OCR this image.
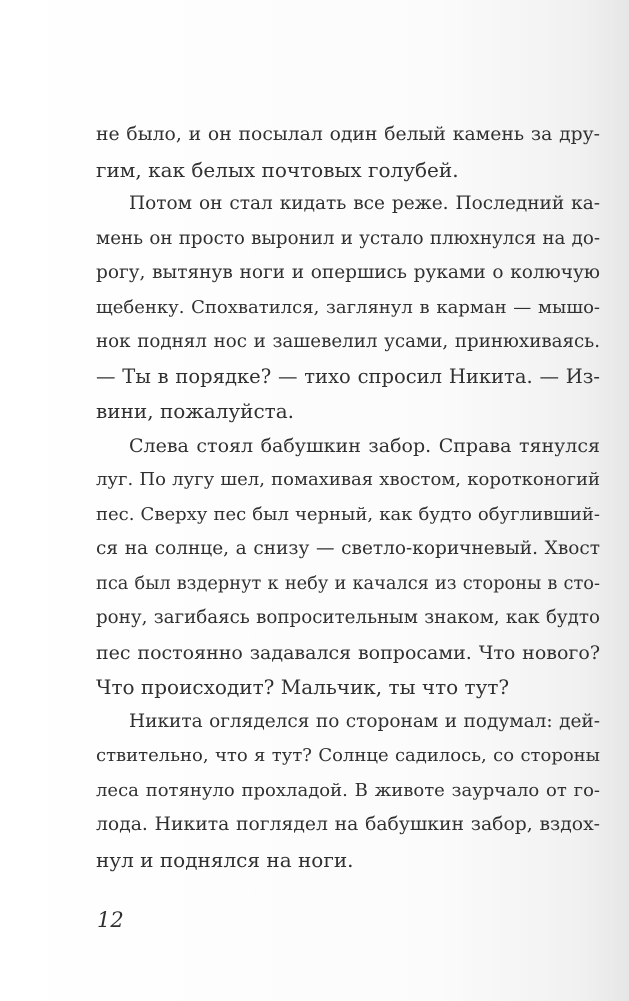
не было, и он посылал один белый камень за дру-
гим, как белых почтовых голубей.
Потом он стал кидать все реже. Последний ка-
мень он просто выронил и устало плюхнулся на до-
рогу, вытянув ноги и опершись руками о колючую
щебенку. Спохватился, заглянул в карман — мышо-
нок поднял нос и зашевелил усами, принюхиваясь.
— Ты в порядке? — тихо спросил Никита. — Из-
вини, пожалуйста.
Слева стоял бабушкин забор. Справа тянулся
луг. По лугу шел, помахивая хвостом, коротконогий
пес. Сверху пес был черный, как будто обугливший-
ся на солнце, а снизу — светло-коричневый. Хвост
пса был вздернут к небу и качался из стороны в сто-
рону, загибаясь вопросительным знаком, как будто
пес постоянно задавался вопросами. Что нового?
Что происходит? Мальчик, ты что тут?
Никита огляделся по сторонам и подумал: дей-
ствительно, что я тут? Солнце садилось, со стороны
леса потянуло прохладой. В животе заурчало от го-
лода. Никита поглядел на бабушкин забор, вздох-
нул и поднялся на ноги.
12
